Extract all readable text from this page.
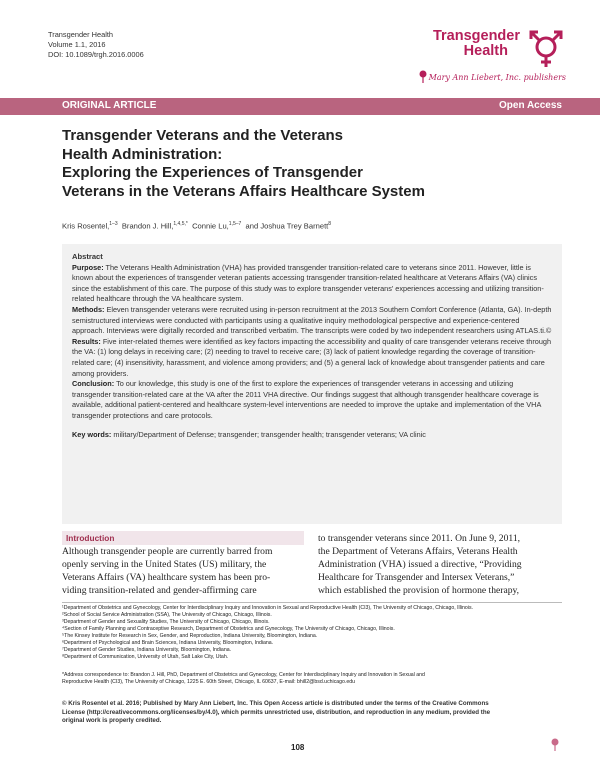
Transgender Health
Volume 1.1, 2016
DOI: 10.1089/trgh.2016.0006
Transgender
Health
Mary Ann Liebert, Inc. publishers
ORIGINAL ARTICLE	Open Access
Transgender Veterans and the Veterans
Health Administration:
Exploring the Experiences of Transgender
Veterans in the Veterans Affairs Healthcare System
Kris Rosentel,$^{1-3}$ Brandon J. Hill,$^{1,4,5,*}$ Connie Lu,$^{1,5-7}$ and Joshua Trey Barnett$^8$
Abstract

Purpose: The Veterans Health Administration (VHA) has provided transgender transition-related care to veterans since 2011. However, little is known about the experiences of transgender veteran patients accessing transgender transition-related healthcare at Veterans Affairs (VA) clinics since the establishment of this care. The purpose of this study was to explore transgender veterans' experiences accessing and utilizing transition-related healthcare through the VA healthcare system.

Methods: Eleven transgender veterans were recruited using in-person recruitment at the 2013 Southern Comfort Conference (Atlanta, GA). In-depth semistructured interviews were conducted with participants using a qualitative inquiry methodological perspective and experience-centered approach. Interviews were digitally recorded and transcribed verbatim. The transcripts were coded by two independent researchers using ATLAS.ti.©

Results: Five inter-related themes were identified as key factors impacting the accessibility and quality of care transgender veterans receive through the VA: (1) long delays in receiving care; (2) needing to travel to receive care; (3) lack of patient knowledge regarding the coverage of transition-related care; (4) insensitivity, harassment, and violence among providers; and (5) a general lack of knowledge about transgender patients and care among providers.

Conclusion: To our knowledge, this study is one of the first to explore the experiences of transgender veterans in accessing and utilizing transgender transition-related care at the VA after the 2011 VHA directive. Our findings suggest that although transgender healthcare coverage is available, additional patient-centered and healthcare system-level interventions are needed to improve the uptake and implementation of the VHA transgender protections and care protocols.

Key words: military/Department of Defense; transgender; transgender health; transgender veterans; VA clinic

Introduction
Although transgender people are currently barred from
openly serving in the United States (US) military, the
Veterans Affairs (VA) healthcare system has been pro-
viding transition-related and gender-affirming care
to transgender veterans since 2011. On June 9, 2011,
the Department of Veterans Affairs, Veterans Health
Administration (VHA) issued a directive, “Providing
Healthcare for Transgender and Intersex Veterans,”
which established the provision of hormone therapy,
¹Department of Obstetrics and Gynecology, Center for Interdisciplinary Inquiry and Innovation in Sexual and Reproductive Health (CI3), The University of Chicago, Chicago, Illinois.
²School of Social Service Administration (SSA), The University of Chicago, Chicago, Illinois.
³Department of Gender and Sexuality Studies, The University of Chicago, Chicago, Illinois.
⁴Section of Family Planning and Contraceptive Research, Department of Obstetrics and Gynecology, The University of Chicago, Chicago, Illinois.
⁵The Kinsey Institute for Research in Sex, Gender, and Reproduction, Indiana University, Bloomington, Indiana.
⁶Department of Psychological and Brain Sciences, Indiana University, Bloomington, Indiana.
⁷Department of Gender Studies, Indiana University, Bloomington, Indiana.
⁸Department of Communication, University of Utah, Salt Lake City, Utah.
*Address correspondence to: Brandon J. Hill, PhD, Department of Obstetrics and Gynecology, Center for Interdisciplinary Inquiry and Innovation in Sexual and
Reproductive Health (CI3), The University of Chicago, 1225 E. 60th Street, Chicago, IL 60637, E-mail: bhill2@bsd.uchicago.edu
© Kris Rosentel et al. 2016; Published by Mary Ann Liebert, Inc. This Open Access article is distributed under the terms of the Creative Commons
License (http://creativecommons.org/licenses/by/4.0), which permits unrestricted use, distribution, and reproduction in any medium, provided the
original work is properly credited.
108
